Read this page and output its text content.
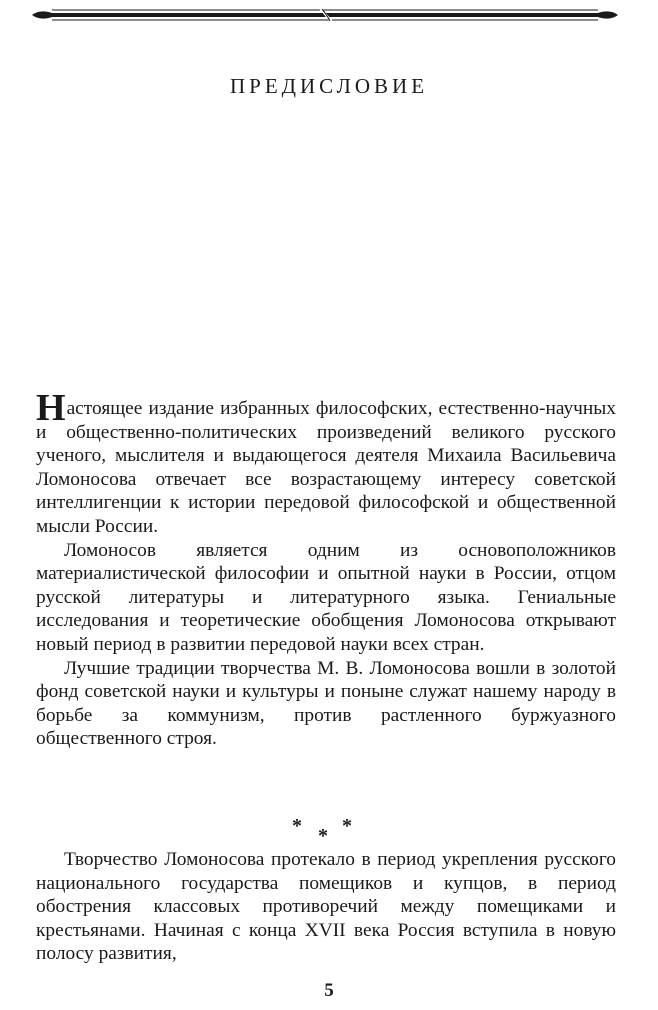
ПРЕДИСЛОВИЕ

Настоящее издание избранных философских, естественно-научных и общественно-политических произведений великого русского ученого, мыслителя и выдающегося деятеля Михаила Васильевича Ломоносова отвечает все возрастающему интересу советской интеллигенции к истории передовой философской и общественной мысли России.

Ломоносов является одним из основоположников материалистической философии и опытной науки в России, отцом русской литературы и литературного языка. Гениальные исследования и теоретические обобщения Ломоносова открывают новый период в развитии передовой науки всех стран.

Лучшие традиции творчества М. В. Ломоносова вошли в золотой фонд советской науки и культуры и поныне служат нашему народу в борьбе за коммунизм, против растленного буржуазного общественного строя.

* * *

Творчество Ломоносова протекало в период укрепления русского национального государства помещиков и купцов, в период обострения классовых противоречий между помещиками и крестьянами. Начиная с конца XVII века Россия вступила в новую полосу развития,

5
